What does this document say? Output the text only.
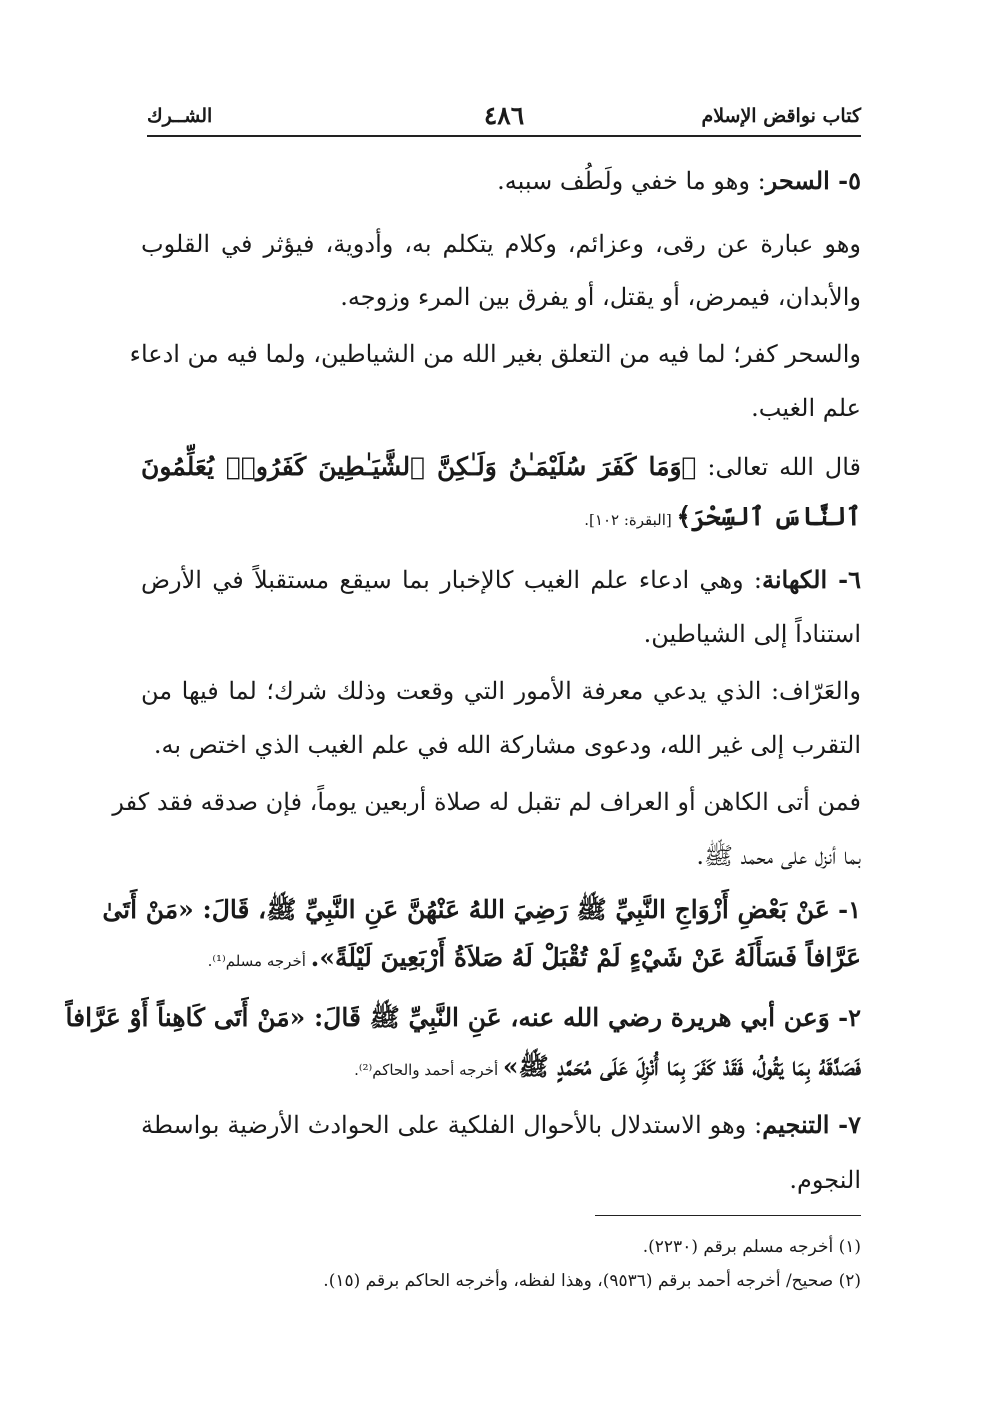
كتاب نواقض الإسلام
٤٨٦
الشــرك
٥- السحر: وهو ما خفي ولَطُف سببه.
وهو عبارة عن رقى، وعزائم، وكلام يتكلم به، وأدوية، فيؤثر في القلوب
والأبدان، فيمرض، أو يقتل، أو يفرق بين المرء وزوجه.
والسحر كفر؛ لما فيه من التعلق بغير الله من الشياطين، ولما فيه من ادعاء
علم الغيب.
قال الله تعالى: ﴿وَمَا كَفَرَ سُلَيْمَـٰنُ وَلَـٰكِنَّ ٱلشَّيَـٰطِينَ كَفَرُوا۟ يُعَلِّمُونَ
ٱلنَّاسَ ٱلسِّحْرَ﴾ [البقرة: ١٠٢].
٦- الكهانة: وهي ادعاء علم الغيب كالإخبار بما سيقع مستقبلاً في الأرض
استناداً إلى الشياطين.
والعَرّاف: الذي يدعي معرفة الأمور التي وقعت وذلك شرك؛ لما فيها من
التقرب إلى غير الله، ودعوى مشاركة الله في علم الغيب الذي اختص به.
فمن أتى الكاهن أو العراف لم تقبل له صلاة أربعين يوماً، فإن صدقه فقد كفر
بما أنزل على محمد ﷺ.
١- عَنْ بَعْضِ أَزْوَاجِ النَّبِيِّ ﷺ رَضِيَ اللهُ عَنْهُنَّ عَنِ النَّبِيِّ ﷺ، قَالَ: «مَنْ أَتَىٰ
عَرَّافاً فَسَأَلَهُ عَنْ شَيْءٍ لَمْ تُقْبَلْ لَهُ صَلاَةُ أَرْبَعِينَ لَيْلَةً». أخرجه مسلم⁽¹⁾.
٢- وَعن أبي هريرة رضي الله عنه، عَنِ النَّبِيِّ ﷺ قَالَ: «مَنْ أَتَى كَاهِناً أَوْ عَرَّافاً
فَصَدَّقَهُ بِمَا يَقُولُ، فَقَدْ كَفَرَ بِمَا أُنْزِلَ عَلَى مُحَمَّدٍ ﷺ» أخرجه أحمد والحاكم⁽²⁾.
٧- التنجيم: وهو الاستدلال بالأحوال الفلكية على الحوادث الأرضية بواسطة
النجوم.
(١) أخرجه مسلم برقم (٢٢٣٠).
(٢) صحيح/ أخرجه أحمد برقم (٩٥٣٦)، وهذا لفظه، وأخرجه الحاكم برقم (١٥).
